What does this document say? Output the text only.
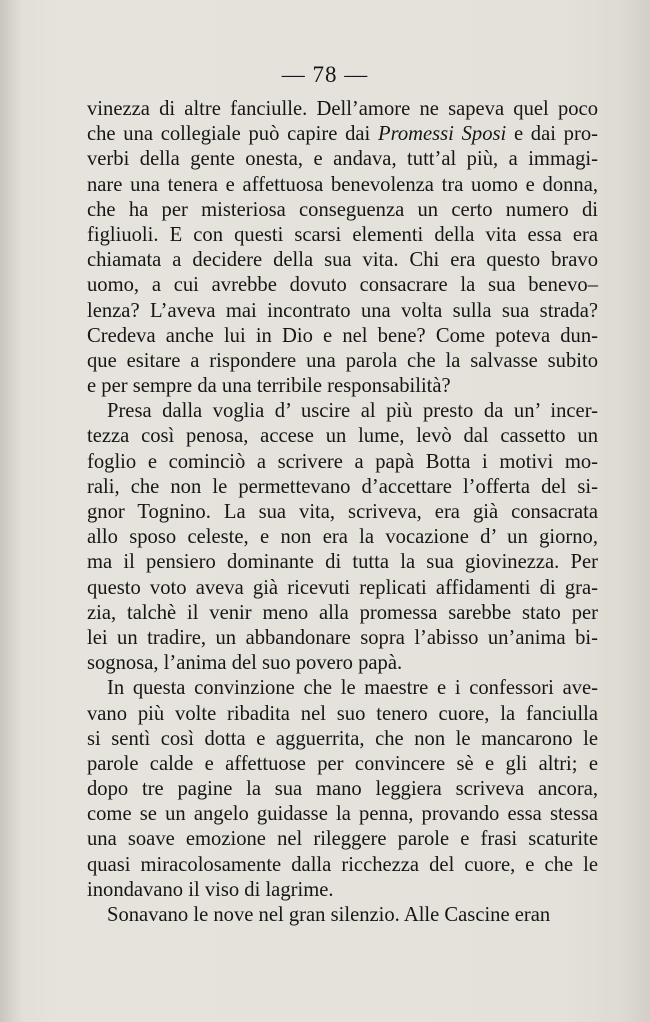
— 78 —
vinezza di altre fanciulle. Dell’amore ne sapeva quel poco
che una collegiale può capire dai Promessi Sposi e dai pro-
verbi della gente onesta, e andava, tutt’al più, a immagi-
nare una tenera e affettuosa benevolenza tra uomo e donna,
che ha per misteriosa conseguenza un certo numero di
figliuoli. E con questi scarsi elementi della vita essa era
chiamata a decidere della sua vita. Chi era questo bravo
uomo, a cui avrebbe dovuto consacrare la sua benevo–
lenza? L’aveva mai incontrato una volta sulla sua strada?
Credeva anche lui in Dio e nel bene? Come poteva dun-
que esitare a rispondere una parola che la salvasse subito
e per sempre da una terribile responsabilità?
Presa dalla voglia d’ uscire al più presto da un’ incer-
tezza così penosa, accese un lume, levò dal cassetto un
foglio e cominciò a scrivere a papà Botta i motivi mo-
rali, che non le permettevano d’accettare l’offerta del si-
gnor Tognino. La sua vita, scriveva, era già consacrata
allo sposo celeste, e non era la vocazione d’ un giorno,
ma il pensiero dominante di tutta la sua giovinezza. Per
questo voto aveva già ricevuti replicati affidamenti di gra-
zia, talchè il venir meno alla promessa sarebbe stato per
lei un tradire, un abbandonare sopra l’abisso un’anima bi-
sognosa, l’anima del suo povero papà.
In questa convinzione che le maestre e i confessori ave-
vano più volte ribadita nel suo tenero cuore, la fanciulla
si sentì così dotta e agguerrita, che non le mancarono le
parole calde e affettuose per convincere sè e gli altri; e
dopo tre pagine la sua mano leggiera scriveva ancora,
come se un angelo guidasse la penna, provando essa stessa
una soave emozione nel rileggere parole e frasi scaturite
quasi miracolosamente dalla ricchezza del cuore, e che le
inondavano il viso di lagrime.
Sonavano le nove nel gran silenzio. Alle Cascine eran
